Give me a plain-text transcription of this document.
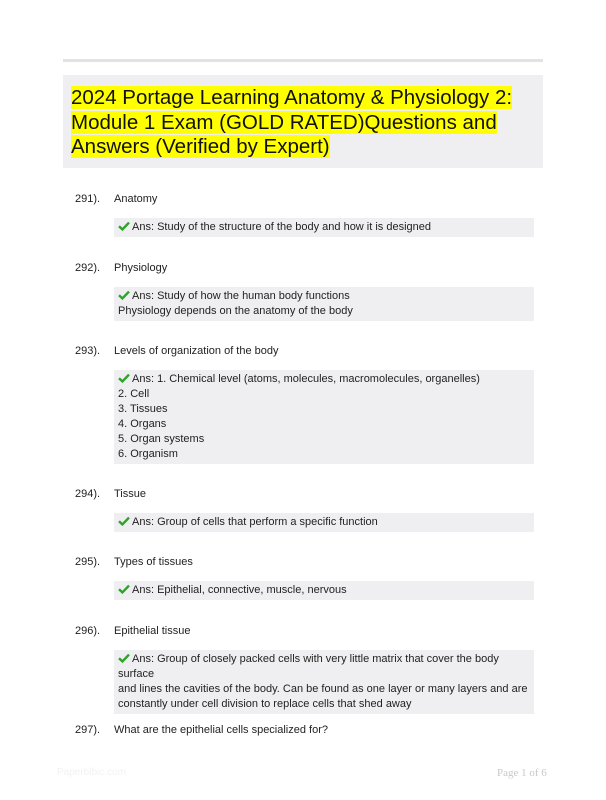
2024 Portage Learning Anatomy & Physiology 2: Module 1 Exam (GOLD RATED)Questions and Answers (Verified by Expert)
291). Anatomy
Ans: Study of the structure of the body and how it is designed
292). Physiology
Ans: Study of how the human body functions
Physiology depends on the anatomy of the body
293). Levels of organization of the body
Ans: 1. Chemical level (atoms, molecules, macromolecules, organelles)
2. Cell
3. Tissues
4. Organs
5. Organ systems
6. Organism
294). Tissue
Ans: Group of cells that perform a specific function
295). Types of tissues
Ans: Epithelial, connective, muscle, nervous
296). Epithelial tissue
Ans: Group of closely packed cells with very little matrix that cover the body surface
and lines the cavities of the body. Can be found as one layer or many layers and are
constantly under cell division to replace cells that shed away
297). What are the epithelial cells specialized for?
Paperblbic.com	Page 1 of 6
